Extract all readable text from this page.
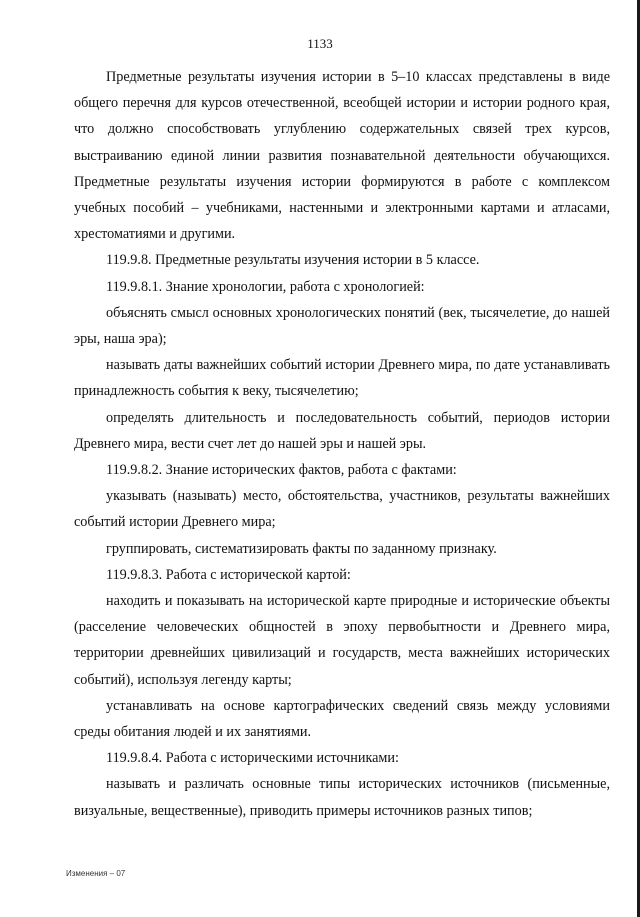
1133

Предметные результаты изучения истории в 5–10 классах представлены в виде общего перечня для курсов отечественной, всеобщей истории и истории родного края, что должно способствовать углублению содержательных связей трех курсов, выстраиванию единой линии развития познавательной деятельности обучающихся. Предметные результаты изучения истории формируются в работе с комплексом учебных пособий – учебниками, настенными и электронными картами и атласами, хрестоматиями и другими.

119.9.8. Предметные результаты изучения истории в 5 классе.

119.9.8.1. Знание хронологии, работа с хронологией:

объяснять смысл основных хронологических понятий (век, тысячелетие, до нашей эры, наша эра);

называть даты важнейших событий истории Древнего мира, по дате устанавливать принадлежность события к веку, тысячелетию;

определять длительность и последовательность событий, периодов истории Древнего мира, вести счет лет до нашей эры и нашей эры.

119.9.8.2. Знание исторических фактов, работа с фактами:

указывать (называть) место, обстоятельства, участников, результаты важнейших событий истории Древнего мира;

группировать, систематизировать факты по заданному признаку.

119.9.8.3. Работа с исторической картой:

находить и показывать на исторической карте природные и исторические объекты (расселение человеческих общностей в эпоху первобытности и Древнего мира, территории древнейших цивилизаций и государств, места важнейших исторических событий), используя легенду карты;

устанавливать на основе картографических сведений связь между условиями среды обитания людей и их занятиями.

119.9.8.4. Работа с историческими источниками:

называть и различать основные типы исторических источников (письменные, визуальные, вещественные), приводить примеры источников разных типов;

Изменения – 07
